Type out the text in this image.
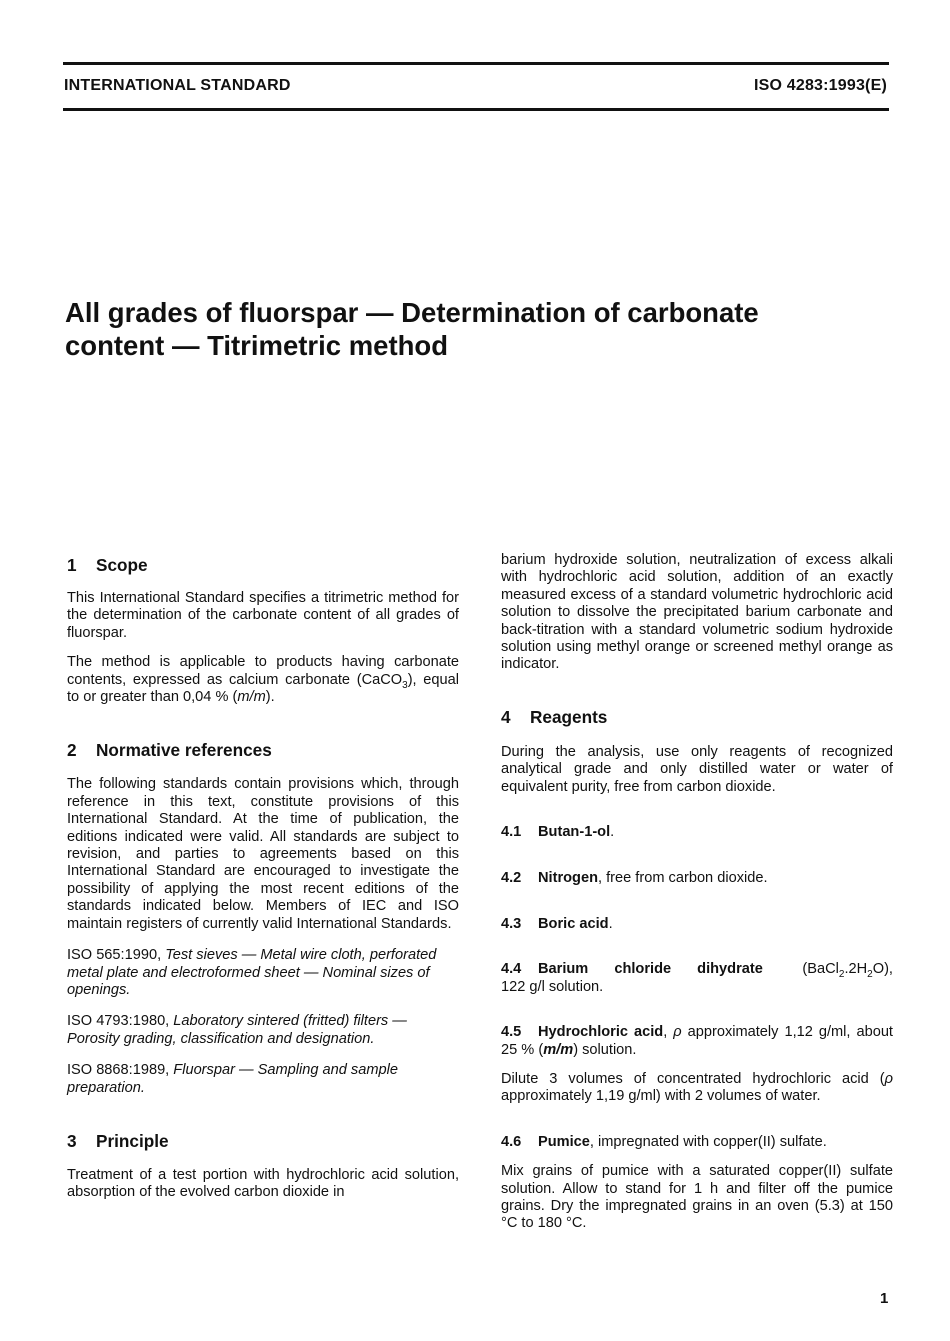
INTERNATIONAL STANDARD	ISO 4283:1993(E)
All grades of fluorspar — Determination of carbonate
content — Titrimetric method
1 Scope

This International Standard specifies a titrimetric method for the determination of the carbonate content of all grades of fluorspar.

The method is applicable to products having carbonate contents, expressed as calcium carbonate (CaCO$_3$), equal to or greater than 0,04 % (m/m).

2 Normative references

The following standards contain provisions which, through reference in this text, constitute provisions of this International Standard. At the time of publication, the editions indicated were valid. All standards are subject to revision, and parties to agreements based on this International Standard are encouraged to investigate the possibility of applying the most recent editions of the standards indicated below. Members of IEC and ISO maintain registers of currently valid International Standards.

ISO 565:1990, Test sieves — Metal wire cloth, perforated metal plate and electroformed sheet — Nominal sizes of openings.

ISO 4793:1980, Laboratory sintered (fritted) filters — Porosity grading, classification and designation.

ISO 8868:1989, Fluorspar — Sampling and sample preparation.

3 Principle

Treatment of a test portion with hydrochloric acid solution, absorption of the evolved carbon dioxide in

barium hydroxide solution, neutralization of excess alkali with hydrochloric acid solution, addition of an exactly measured excess of a standard volumetric hydrochloric acid solution to dissolve the precipitated barium carbonate and back-titration with a standard volumetric sodium hydroxide solution using methyl orange or screened methyl orange as indicator.

4 Reagents

During the analysis, use only reagents of recognized analytical grade and only distilled water or water of equivalent purity, free from carbon dioxide.

4.1 Butan-1-ol.

4.2 Nitrogen, free from carbon dioxide.

4.3 Boric acid.

4.4 Barium chloride dihydrate	$(BaCl_2.2H_2O)$,

122 g/l solution.

4.5 Hydrochloric acid, ρ approximately 1,12 g/ml, about 25 % (m/m) solution.

Dilute 3 volumes of concentrated hydrochloric acid (ρ approximately 1,19 g/ml) with 2 volumes of water.

4.6 Pumice, impregnated with copper(II) sulfate.

Mix grains of pumice with a saturated copper(II) sulfate solution. Allow to stand for 1 h and filter off the pumice grains. Dry the impregnated grains in an oven (5.3) at 150 °C to 180 °C.

1
